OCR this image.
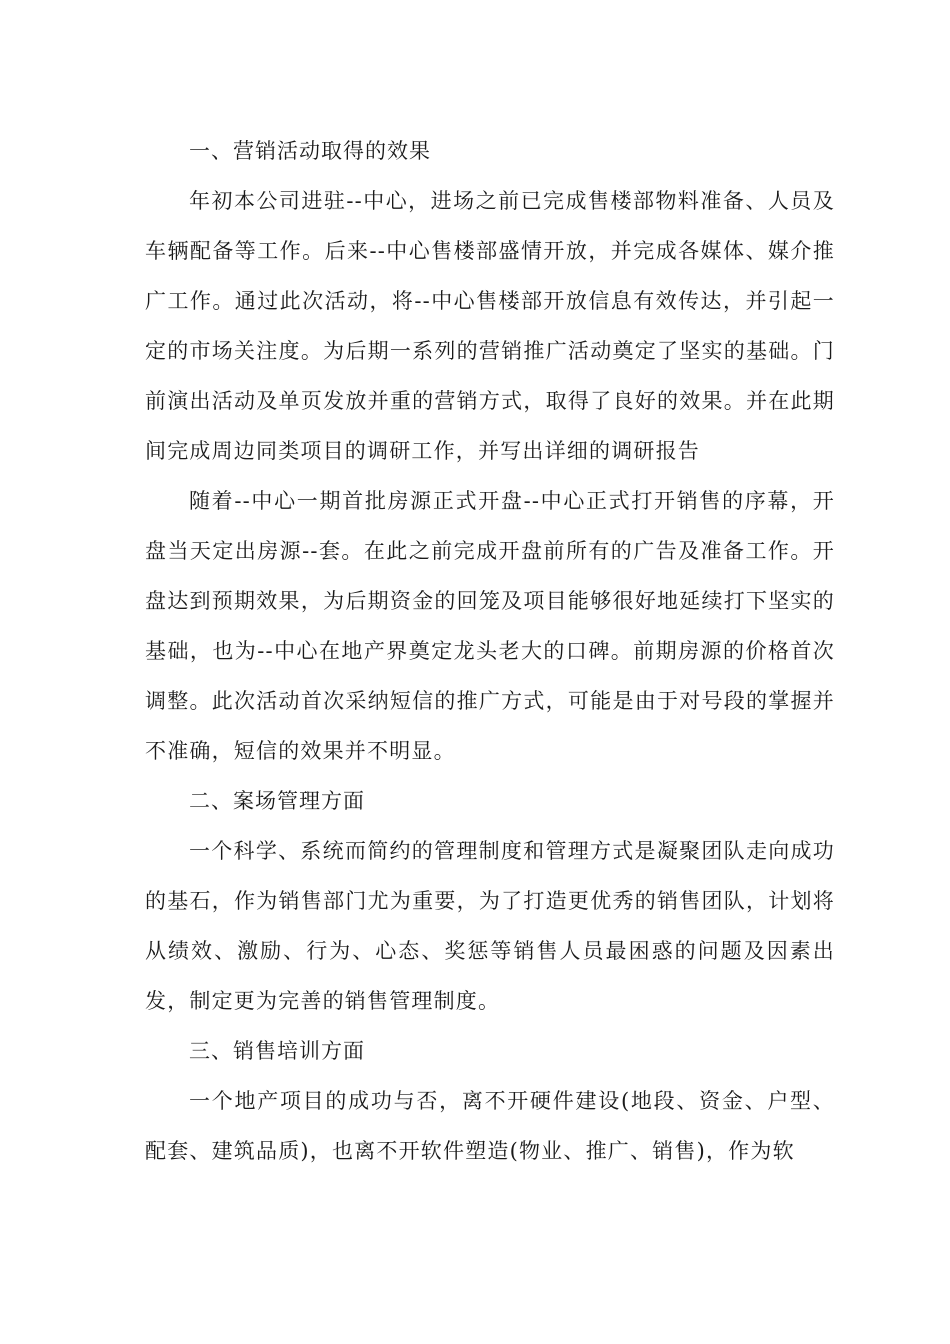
一、营销活动取得的效果

年初本公司进驻--中心，进场之前已完成售楼部物料准备、人员及车辆配备等工作。后来--中心售楼部盛情开放，并完成各媒体、媒介推广工作。通过此次活动，将--中心售楼部开放信息有效传达，并引起一定的市场关注度。为后期一系列的营销推广活动奠定了坚实的基础。门前演出活动及单页发放并重的营销方式，取得了良好的效果。并在此期间完成周边同类项目的调研工作，并写出详细的调研报告

随着--中心一期首批房源正式开盘--中心正式打开销售的序幕，开盘当天定出房源--套。在此之前完成开盘前所有的广告及准备工作。开盘达到预期效果，为后期资金的回笼及项目能够很好地延续打下坚实的基础，也为--中心在地产界奠定龙头老大的口碑。前期房源的价格首次调整。此次活动首次采纳短信的推广方式，可能是由于对号段的掌握并不准确，短信的效果并不明显。

二、案场管理方面

一个科学、系统而简约的管理制度和管理方式是凝聚团队走向成功的基石，作为销售部门尤为重要，为了打造更优秀的销售团队，计划将从绩效、激励、行为、心态、奖惩等销售人员最困惑的问题及因素出发，制定更为完善的销售管理制度。

三、销售培训方面

一个地产项目的成功与否，离不开硬件建设(地段、资金、户型、配套、建筑品质)，也离不开软件塑造(物业、推广、销售)，作为软
